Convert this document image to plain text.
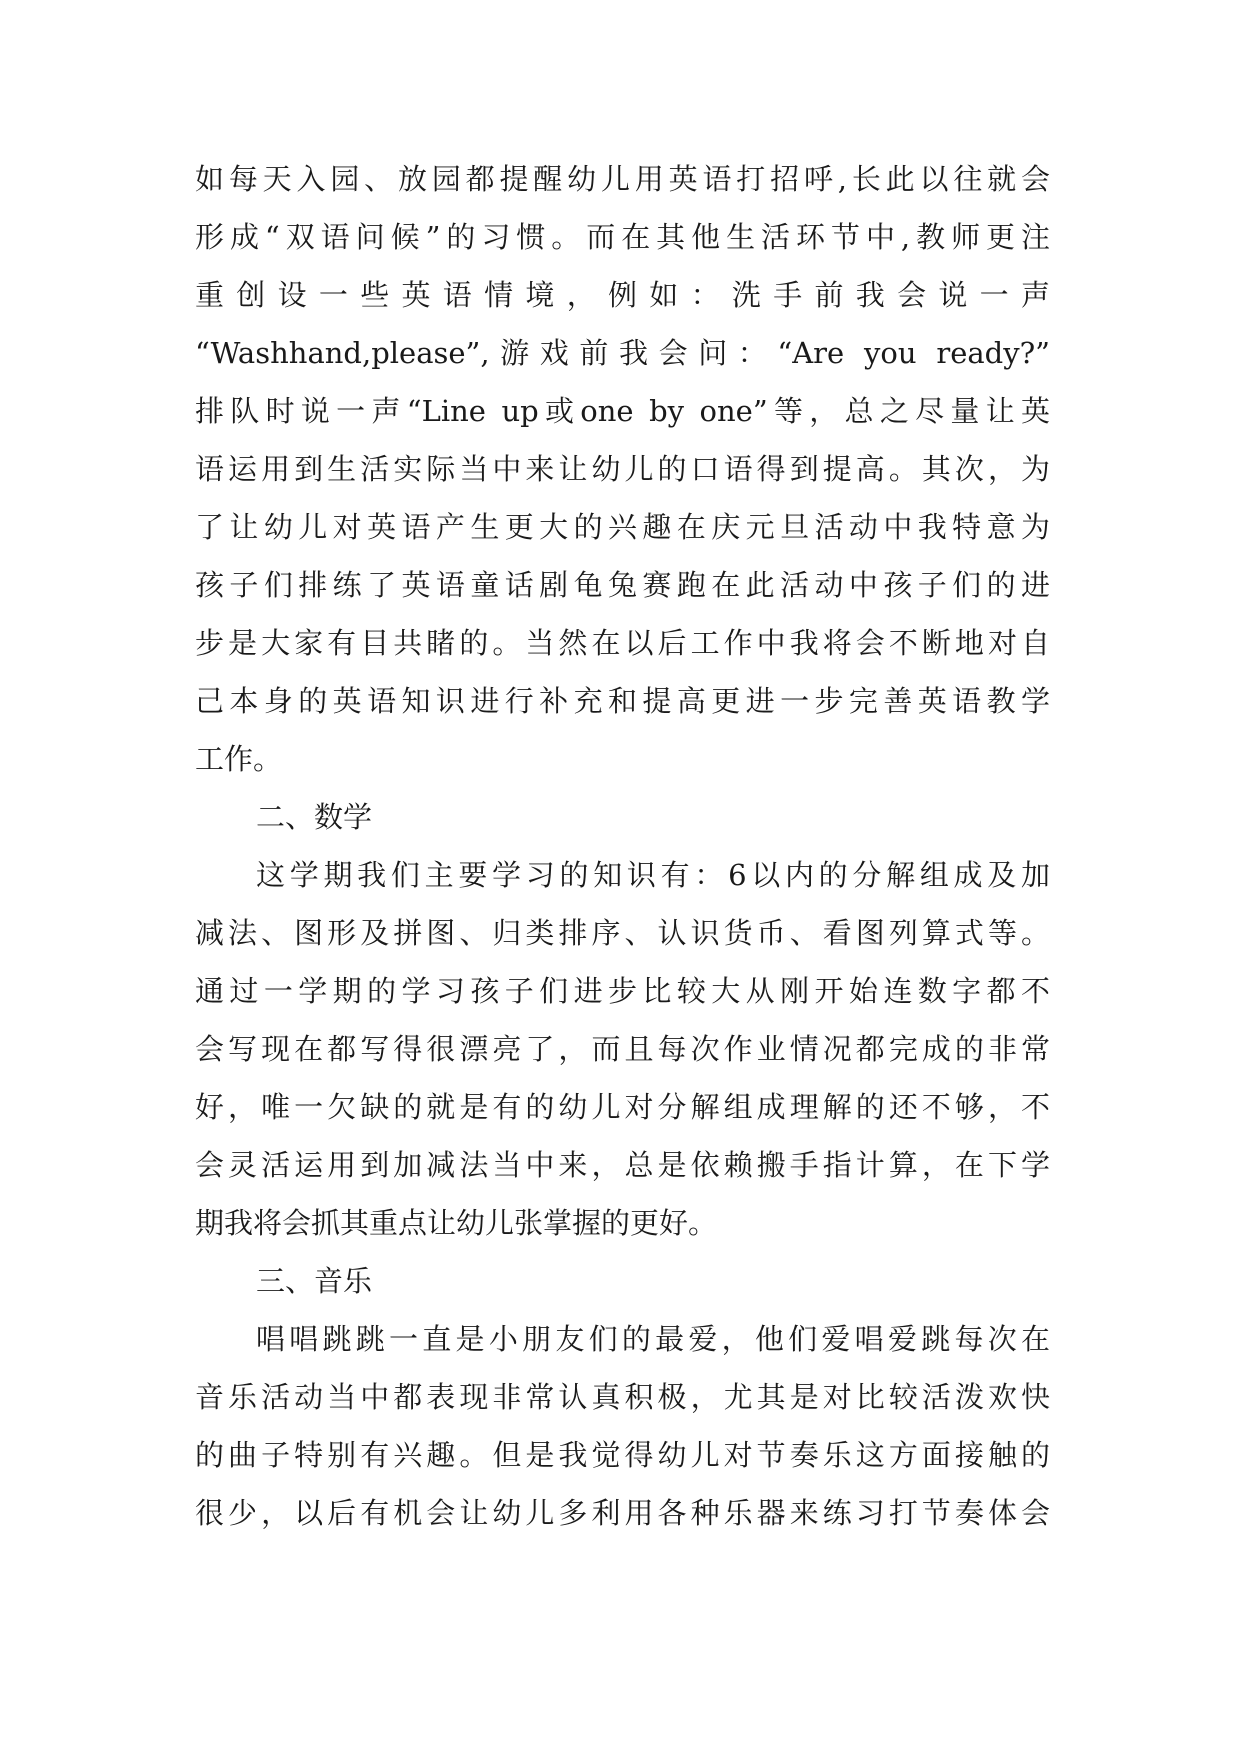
如每天入园、放园都提醒幼儿用英语打招呼,长此以往就会
形成“双语问候”的习惯。而在其他生活环节中,教师更注
重创设一些英语情境，例如：洗手前我会说一声
“Washhand,please”,游戏前我会问：“Are you ready?”
排队时说一声“Line up或one by one”等，总之尽量让英
语运用到生活实际当中来让幼儿的口语得到提高。其次，为
了让幼儿对英语产生更大的兴趣在庆元旦活动中我特意为
孩子们排练了英语童话剧龟兔赛跑在此活动中孩子们的进
步是大家有目共睹的。当然在以后工作中我将会不断地对自
己本身的英语知识进行补充和提高更进一步完善英语教学
工作。
二、数学
这学期我们主要学习的知识有：6以内的分解组成及加
减法、图形及拼图、归类排序、认识货币、看图列算式等。
通过一学期的学习孩子们进步比较大从刚开始连数字都不
会写现在都写得很漂亮了，而且每次作业情况都完成的非常
好，唯一欠缺的就是有的幼儿对分解组成理解的还不够，不
会灵活运用到加减法当中来，总是依赖搬手指计算，在下学
期我将会抓其重点让幼儿张掌握的更好。
三、音乐
唱唱跳跳一直是小朋友们的最爱，他们爱唱爱跳每次在
音乐活动当中都表现非常认真积极，尤其是对比较活泼欢快
的曲子特别有兴趣。但是我觉得幼儿对节奏乐这方面接触的
很少，以后有机会让幼儿多利用各种乐器来练习打节奏体会
